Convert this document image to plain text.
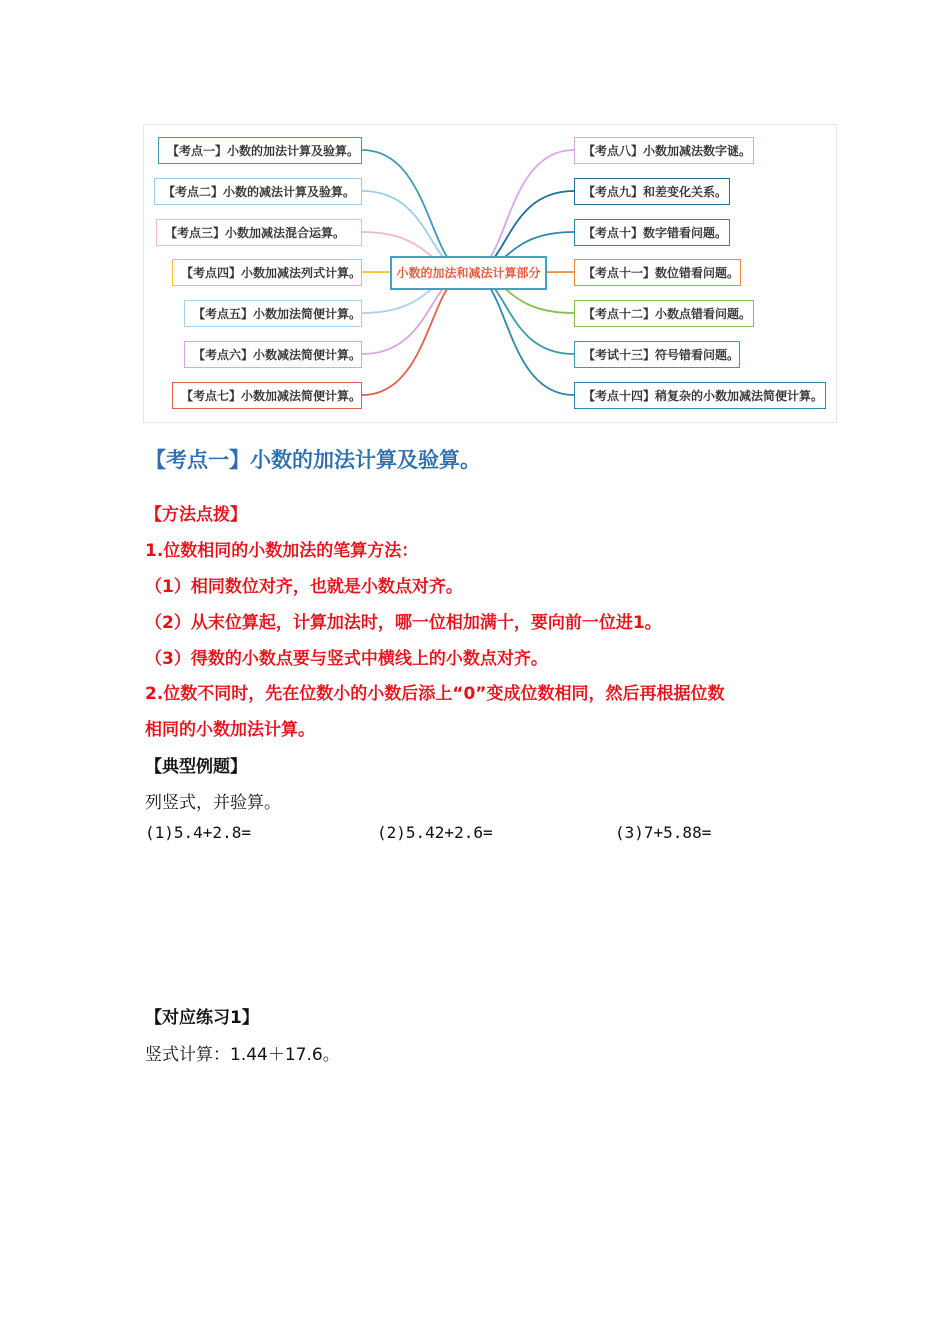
小数的加法和减法计算部分
【考点一】小数的加法计算及验算。
【考点二】小数的减法计算及验算。
【考点三】小数加减法混合运算。
【考点四】小数加减法列式计算。
【考点五】小数加法简便计算。
【考点六】小数减法简便计算。
【考点七】小数加减法简便计算。
【考点八】小数加减法数字谜。
【考点九】和差变化关系。
【考点十】数字错看问题。
【考点十一】数位错看问题。
【考点十二】小数点错看问题。
【考试十三】符号错看问题。
【考点十四】稍复杂的小数加减法简便计算。
【考点一】小数的加法计算及验算。
【方法点拨】
1.位数相同的小数加法的笔算方法：
（1）相同数位对齐，也就是小数点对齐。
（2）从末位算起，计算加法时，哪一位相加满十，要向前一位进1。
（3）得数的小数点要与竖式中横线上的小数点对齐。
2.位数不同时，先在位数小的小数后添上“0”变成位数相同，然后再根据位数
相同的小数加法计算。
【典型例题】
列竖式，并验算。
(1)5.4+2.8=	(2)5.42+2.6=	(3)7+5.88=
【对应练习1】
竖式计算：1.44＋17.6。
